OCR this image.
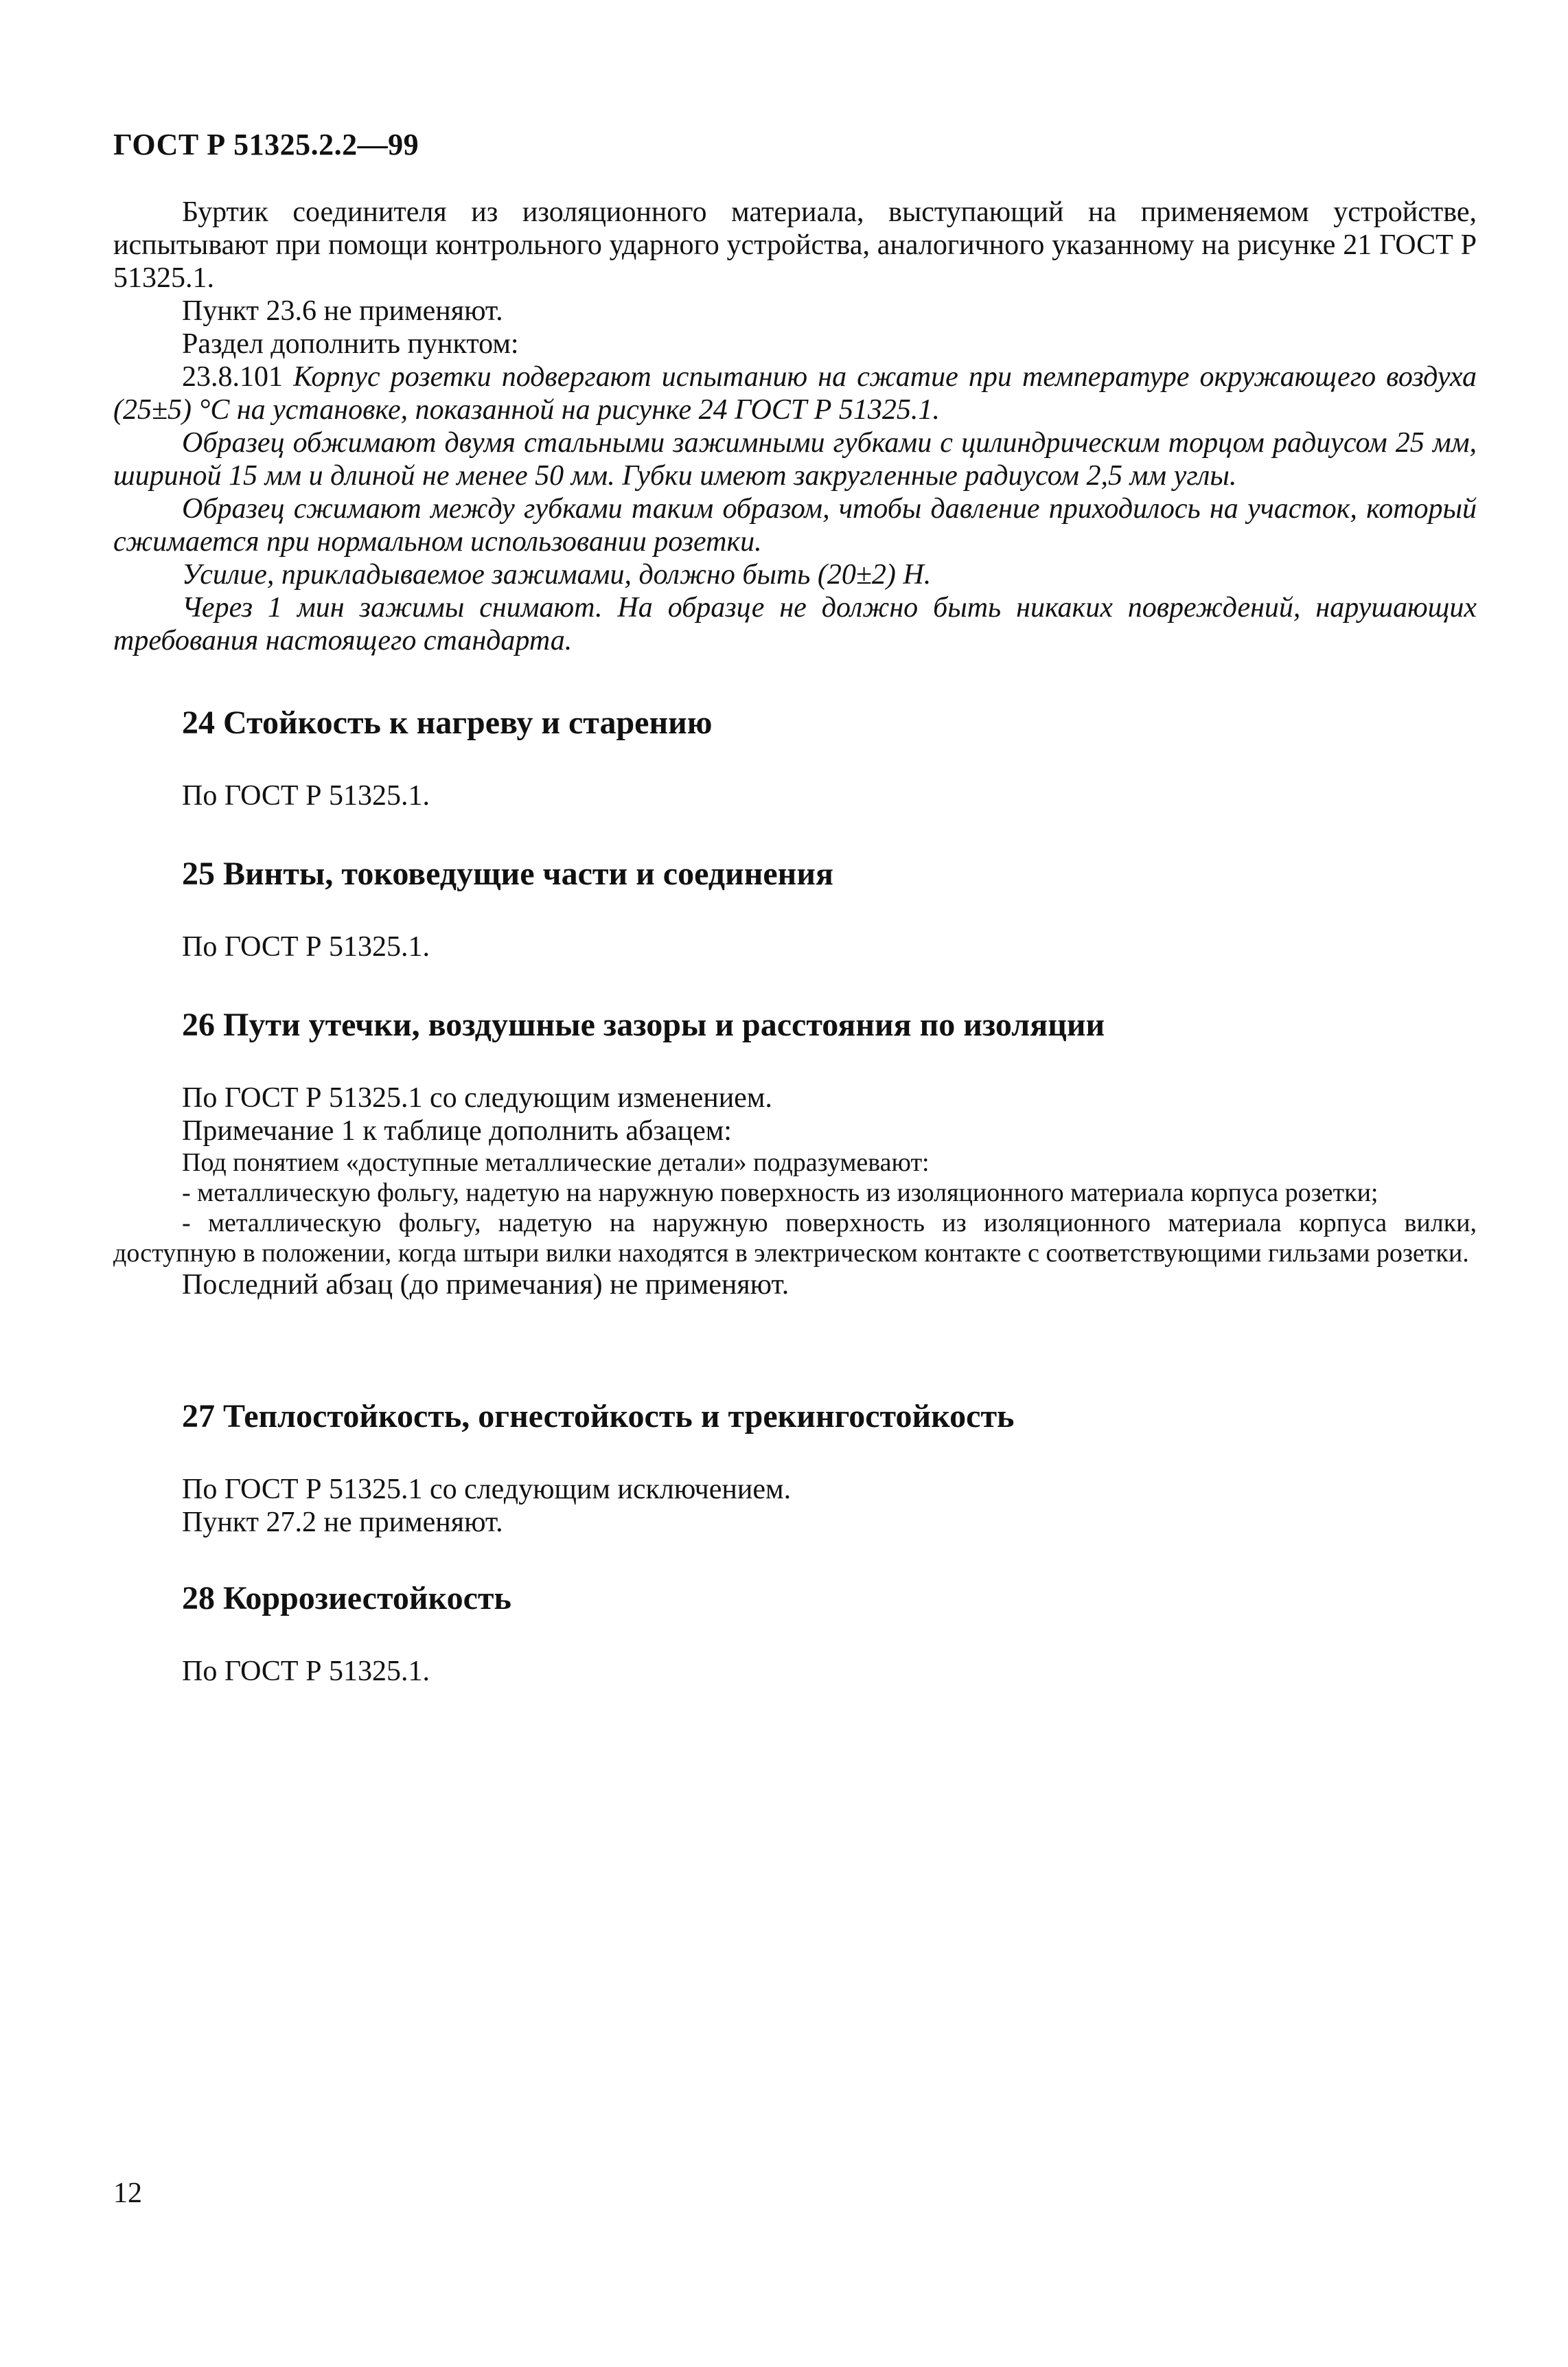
ГОСТ Р 51325.2.2—99

Буртик соединителя из изоляционного материала, выступающий на применяемом устройстве, испытывают при помощи контрольного ударного устройства, аналогичного указанному на рисунке 21 ГОСТ Р 51325.1.

Пункт 23.6 не применяют.

Раздел дополнить пунктом:

23.8.101 Корпус розетки подвергают испытанию на сжатие при температуре окружающего воздуха (25±5) °С на установке, показанной на рисунке 24 ГОСТ Р 51325.1.

Образец обжимают двумя стальными зажимными губками с цилиндрическим торцом радиусом 25 мм, шириной 15 мм и длиной не менее 50 мм. Губки имеют закругленные радиусом 2,5 мм углы.

Образец сжимают между губками таким образом, чтобы давление приходилось на участок, который сжимается при нормальном использовании розетки.

Усилие, прикладываемое зажимами, должно быть (20±2) Н.

Через 1 мин зажимы снимают. На образце не должно быть никаких повреждений, нарушающих требования настоящего стандарта.

24 Стойкость к нагреву и старению

По ГОСТ Р 51325.1.

25 Винты, токоведущие части и соединения

По ГОСТ Р 51325.1.

26 Пути утечки, воздушные зазоры и расстояния по изоляции

По ГОСТ Р 51325.1 со следующим изменением.

Примечание 1 к таблице дополнить абзацем:

Под понятием «доступные металлические детали» подразумевают:

- металлическую фольгу, надетую на наружную поверхность из изоляционного материала корпуса розетки;

- металлическую фольгу, надетую на наружную поверхность из изоляционного материала корпуса вилки, доступную в положении, когда штыри вилки находятся в электрическом контакте с соответствующими гильзами розетки.

Последний абзац (до примечания) не применяют.

27 Теплостойкость, огнестойкость и трекингостойкость

По ГОСТ Р 51325.1 со следующим исключением.

Пункт 27.2 не применяют.

28 Коррозиестойкость

По ГОСТ Р 51325.1.

12
